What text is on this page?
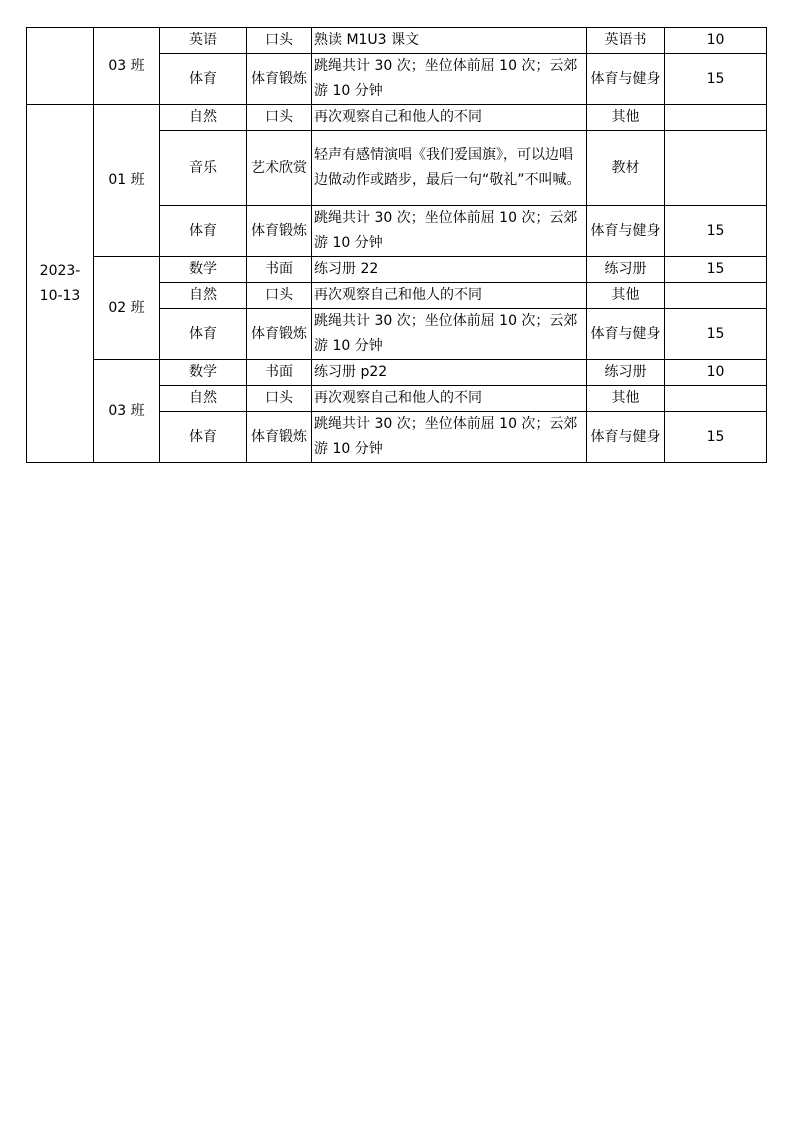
	03 班	英语	口头	熟读 M1U3 课文	英语书	10
		体育	体育锻炼	跳绳共计 30 次；坐位体前屈 10 次；云郊游 10 分钟	体育与健身	15
2023-10-13	01 班	自然	口头	再次观察自己和他人的不同	其他	
		音乐	艺术欣赏	轻声有感情演唱《我们爱国旗》，可以边唱边做动作或踏步，最后一句“敬礼”不叫喊。	教材	
		体育	体育锻炼	跳绳共计 30 次；坐位体前屈 10 次；云郊游 10 分钟	体育与健身	15
	02 班	数学	书面	练习册 22	练习册	15
		自然	口头	再次观察自己和他人的不同	其他	
		体育	体育锻炼	跳绳共计 30 次；坐位体前屈 10 次；云郊游 10 分钟	体育与健身	15
	03 班	数学	书面	练习册 p22	练习册	10
		自然	口头	再次观察自己和他人的不同	其他	
		体育	体育锻炼	跳绳共计 30 次；坐位体前屈 10 次；云郊游 10 分钟	体育与健身	15
